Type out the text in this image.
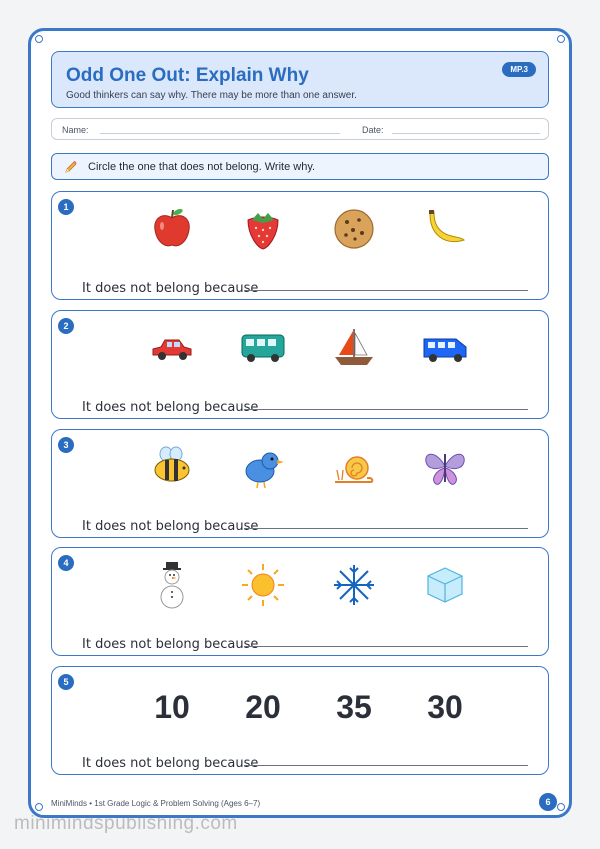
Odd One Out: Explain Why
Good thinkers can say why. There may be more than one answer.
MP.3
Name:	Date:
Circle the one that does not belong. Write why.
1
It does not belong because
2
It does not belong because
3
It does not belong because
4
It does not belong because
5
10	20	35	30
It does not belong because
MiniMinds • 1st Grade Logic & Problem Solving (Ages 6–7)	6
minimindspublishing.com
